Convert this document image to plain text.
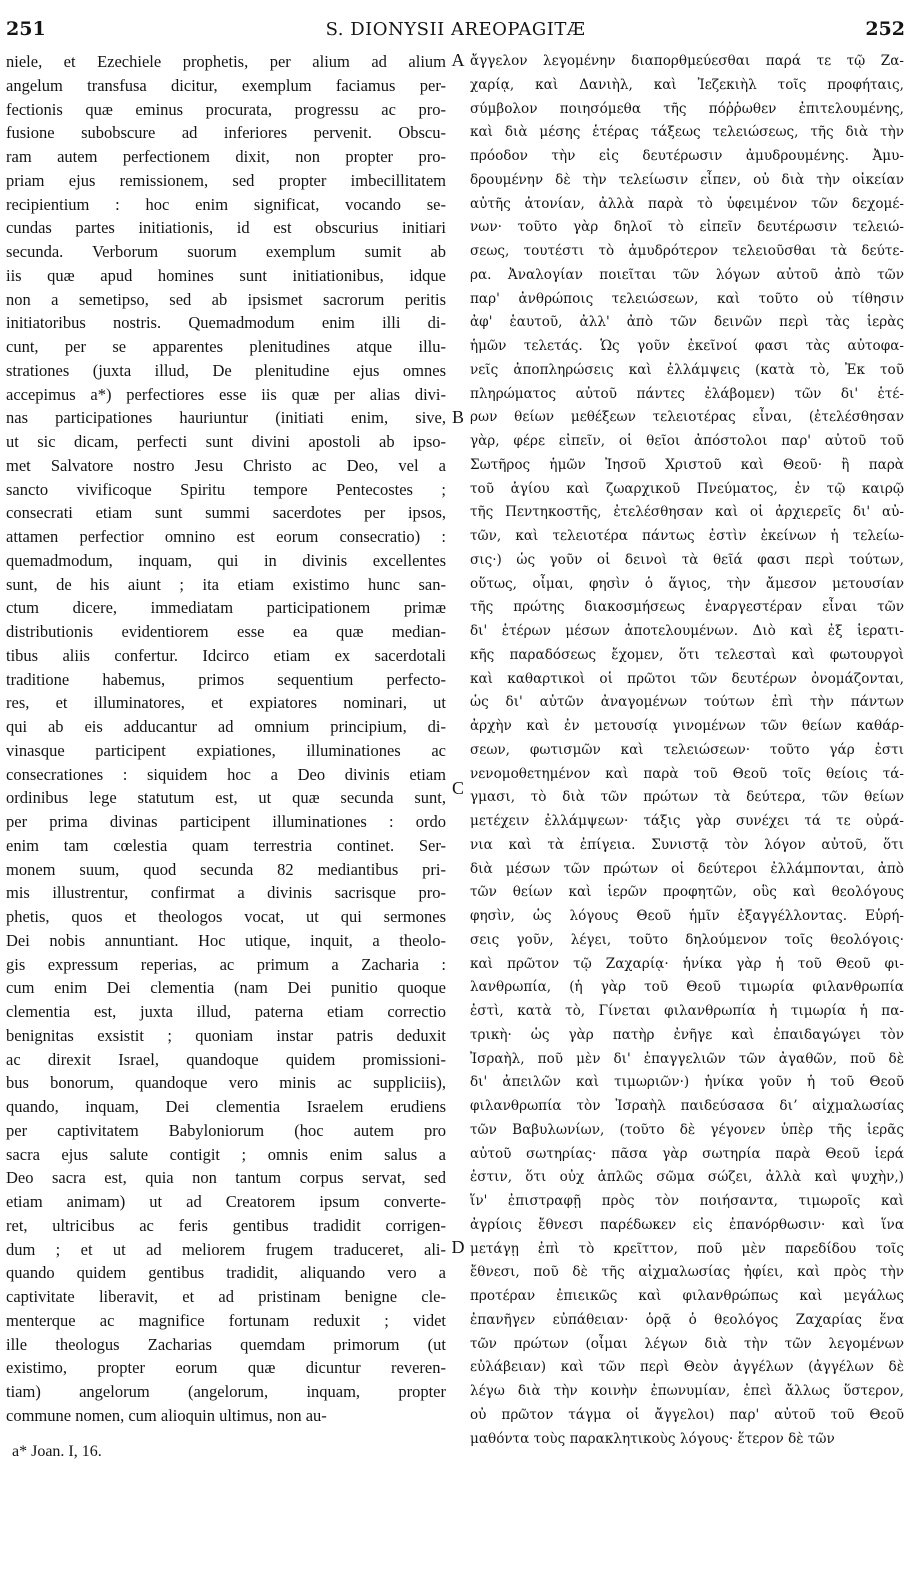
251	S. DIONYSII AREOPAGITÆ	252
niele, et Ezechiele prophetis, per alium ad alium
angelum transfusa dicitur, exemplum faciamus per-
fectionis quæ eminus procurata, progressu ac pro-
fusione subobscure ad inferiores pervenit. Obscu-
ram autem perfectionem dixit, non propter pro-
priam ejus remissionem, sed propter imbecillitatem
recipientium : hoc enim significat, vocando se-
cundas partes initiationis, id est obscurius initiari
secunda. Verborum suorum exemplum sumit ab
iis quæ apud homines sunt initiationibus, idque
non a semetipso, sed ab ipsismet sacrorum peritis
initiatoribus nostris. Quemadmodum enim illi di-
cunt, per se apparentes plenitudines atque illu-
strationes (juxta illud, De plenitudine ejus omnes
accepimus a*) perfectiores esse iis quæ per alias divi-
nas participationes hauriuntur (initiati enim, sive,
ut sic dicam, perfecti sunt divini apostoli ab ipso-
met Salvatore nostro Jesu Christo ac Deo, vel a
sancto vivificoque Spiritu tempore Pentecostes ;
consecrati etiam sunt summi sacerdotes per ipsos,
attamen perfectior omnino est eorum consecratio) :
quemadmodum, inquam, qui in divinis excellentes
sunt, de his aiunt ; ita etiam existimo hunc san-
ctum dicere, immediatam participationem primæ
distributionis evidentiorem esse ea quæ median-
tibus aliis confertur. Idcirco etiam ex sacerdotali
traditione habemus, primos sequentium perfecto-
res, et illuminatores, et expiatores nominari, ut
qui ab eis adducantur ad omnium principium, di-
vinasque participent expiationes, illuminationes ac
consecrationes : siquidem hoc a Deo divinis etiam
ordinibus lege statutum est, ut quæ secunda sunt,
per prima divinas participent illuminationes : ordo
enim tam cœlestia quam terrestria continet. Ser-
monem suum, quod secunda 82 mediantibus pri-
mis illustrentur, confirmat a divinis sacrisque pro-
phetis, quos et theologos vocat, ut qui sermones
Dei nobis annuntiant. Hoc utique, inquit, a theolo-
gis expressum reperias, ac primum a Zacharia :
cum enim Dei clementia (nam Dei punitio quoque
clementia est, juxta illud, paterna etiam correctio
benignitas exsistit ; quoniam instar patris deduxit
ac direxit Israel, quandoque quidem promissioni-
bus bonorum, quandoque vero minis ac suppliciis),
quando, inquam, Dei clementia Israelem erudiens
per captivitatem Babyloniorum (hoc autem pro
sacra ejus salute contigit ; omnis enim salus a
Deo sacra est, quia non tantum corpus servat, sed
etiam animam) ut ad Creatorem ipsum converte-
ret, ultricibus ac feris gentibus tradidit corrigen-
dum ; et ut ad meliorem frugem traduceret, ali-
quando quidem gentibus tradidit, aliquando vero a
captivitate liberavit, et ad pristinam benigne cle-
menterque ac magnifice fortunam reduxit ; videt
ille theologus Zacharias quemdam primorum (ut
existimo, propter eorum quæ dicuntur reveren-
tiam) angelorum (angelorum, inquam, propter
commune nomen, cum alioquin ultimus, non au-
ἄγγελον λεγομένην διαπορθμεύεσθαι παρά τε τῷ Ζα-
χαρίᾳ, καὶ Δανιὴλ, καὶ Ἰεζεκιὴλ τοῖς προφήταις,
σύμβολον ποιησόμεθα τῆς πόῤῥωθεν ἐπιτελουμένης,
καὶ διὰ μέσης ἑτέρας τάξεως τελειώσεως, τῆς διὰ τὴν
πρόοδον τὴν εἰς δευτέρωσιν ἀμυδρουμένης. Ἀμυ-
δρουμένην δὲ τὴν τελείωσιν εἶπεν, οὐ διὰ τὴν οἰκείαν
αὐτῆς ἀτονίαν, ἀλλὰ παρὰ τὸ ὑφειμένον τῶν δεχομέ-
νων· τοῦτο γὰρ δηλοῖ τὸ εἰπεῖν δευτέρωσιν τελειώ-
σεως, τουτέστι τὸ ἀμυδρότερον τελειοῦσθαι τὰ δεύτε-
ρα. Ἀναλογίαν ποιεῖται τῶν λόγων αὐτοῦ ἀπὸ τῶν
παρ' ἀνθρώποις τελειώσεων, καὶ τοῦτο οὐ τίθησιν
ἀφ' ἑαυτοῦ, ἀλλ' ἀπὸ τῶν δεινῶν περὶ τὰς ἱερὰς
ἡμῶν τελετάς. Ὡς γοῦν ἐκεῖνοί φασι τὰς αὐτοφα-
νεῖς ἀποπληρώσεις καὶ ἐλλάμψεις (κατὰ τὸ, Ἐκ τοῦ
πληρώματος αὐτοῦ πάντες ἐλάβομεν) τῶν δι' ἑτέ-
ρων θείων μεθέξεων τελειοτέρας εἶναι, (ἐτελέσθησαν
γὰρ, φέρε εἰπεῖν, οἱ θεῖοι ἀπόστολοι παρ' αὐτοῦ τοῦ
Σωτῆρος ἡμῶν Ἰησοῦ Χριστοῦ καὶ Θεοῦ· ἢ παρὰ
τοῦ ἁγίου καὶ ζωαρχικοῦ Πνεύματος, ἐν τῷ καιρῷ
τῆς Πεντηκοστῆς, ἐτελέσθησαν καὶ οἱ ἀρχιερεῖς δι' αὐ-
τῶν, καὶ τελειοτέρα πάντως ἐστὶν ἐκείνων ἡ τελείω-
σις·) ὡς γοῦν οἱ δεινοὶ τὰ θεῖά φασι περὶ τούτων,
οὕτως, οἶμαι, φησὶν ὁ ἅγιος, τὴν ἄμεσον μετουσίαν
τῆς πρώτης διακοσμήσεως ἐναργεστέραν εἶναι τῶν
δι' ἑτέρων μέσων ἀποτελουμένων. Διὸ καὶ ἐξ ἱερατι-
κῆς παραδόσεως ἔχομεν, ὅτι τελεσταὶ καὶ φωτουργοὶ
καὶ καθαρτικοὶ οἱ πρῶτοι τῶν δευτέρων ὀνομάζονται,
ὡς δι' αὐτῶν ἀναγομένων τούτων ἐπὶ τὴν πάντων
ἀρχὴν καὶ ἐν μετουσίᾳ γινομένων τῶν θείων καθάρ-
σεων, φωτισμῶν καὶ τελειώσεων· τοῦτο γάρ ἐστι
νενομοθετημένον καὶ παρὰ τοῦ Θεοῦ τοῖς θείοις τά-
γμασι, τὸ διὰ τῶν πρώτων τὰ δεύτερα, τῶν θείων
μετέχειν ἐλλάμψεων· τάξις γὰρ συνέχει τά τε οὐρά-
νια καὶ τὰ ἐπίγεια. Συνιστᾷ τὸν λόγον αὐτοῦ, ὅτι
διὰ μέσων τῶν πρώτων οἱ δεύτεροι ἐλλάμπονται, ἀπὸ
τῶν θείων καὶ ἱερῶν προφητῶν, οὓς καὶ θεολόγους
φησὶν, ὡς λόγους Θεοῦ ἡμῖν ἐξαγγέλλοντας. Εὑρή-
σεις γοῦν, λέγει, τοῦτο δηλούμενον τοῖς θεολόγοις·
καὶ πρῶτον τῷ Ζαχαρίᾳ· ἡνίκα γὰρ ἡ τοῦ Θεοῦ φι-
λανθρωπία, (ἡ γὰρ τοῦ Θεοῦ τιμωρία φιλανθρωπία
ἐστὶ, κατὰ τὸ, Γίνεται φιλανθρωπία ἡ τιμωρία ἡ πα-
τρικὴ· ὡς γὰρ πατὴρ ἐνῆγε καὶ ἐπαιδαγώγει τὸν
Ἰσραὴλ, ποῦ μὲν δι' ἐπαγγελιῶν τῶν ἀγαθῶν, ποῦ δὲ
δι' ἀπειλῶν καὶ τιμωριῶν·) ἡνίκα γοῦν ἡ τοῦ Θεοῦ
φιλανθρωπία τὸν Ἰσραὴλ παιδεύσασα διʼ αἰχμαλωσίας
τῶν Βαβυλωνίων, (τοῦτο δὲ γέγονεν ὑπὲρ τῆς ἱερᾶς
αὐτοῦ σωτηρίας· πᾶσα γὰρ σωτηρία παρὰ Θεοῦ ἱερά
ἐστιν, ὅτι οὐχ ἁπλῶς σῶμα σώζει, ἀλλὰ καὶ ψυχὴν,)
ἵν' ἐπιστραφῇ πρὸς τὸν ποιήσαντα, τιμωροῖς καὶ
ἀγρίοις ἔθνεσι παρέδωκεν εἰς ἐπανόρθωσιν· καὶ ἵνα
μετάγῃ ἐπὶ τὸ κρεῖττον, ποῦ μὲν παρεδίδου τοῖς
ἔθνεσι, ποῦ δὲ τῆς αἰχμαλωσίας ἠφίει, καὶ πρὸς τὴν
προτέραν ἐπιεικῶς καὶ φιλανθρώπως καὶ μεγάλως
ἐπανῆγεν εὐπάθειαν· ὁρᾷ ὁ θεολόγος Ζαχαρίας ἕνα
τῶν πρώτων (οἶμαι λέγων διὰ τὴν τῶν λεγομένων
εὐλάβειαν) καὶ τῶν περὶ Θεὸν ἀγγέλων (ἀγγέλων δὲ
λέγω διὰ τὴν κοινὴν ἐπωνυμίαν, ἐπεὶ ἄλλως ὕστερον,
οὐ πρῶτον τάγμα οἱ ἄγγελοι) παρ' αὐτοῦ τοῦ Θεοῦ
μαθόντα τοὺς παρακλητικοὺς λόγους· ἕτερον δὲ τῶν
A
B
C
D
a* Joan. I, 16.
